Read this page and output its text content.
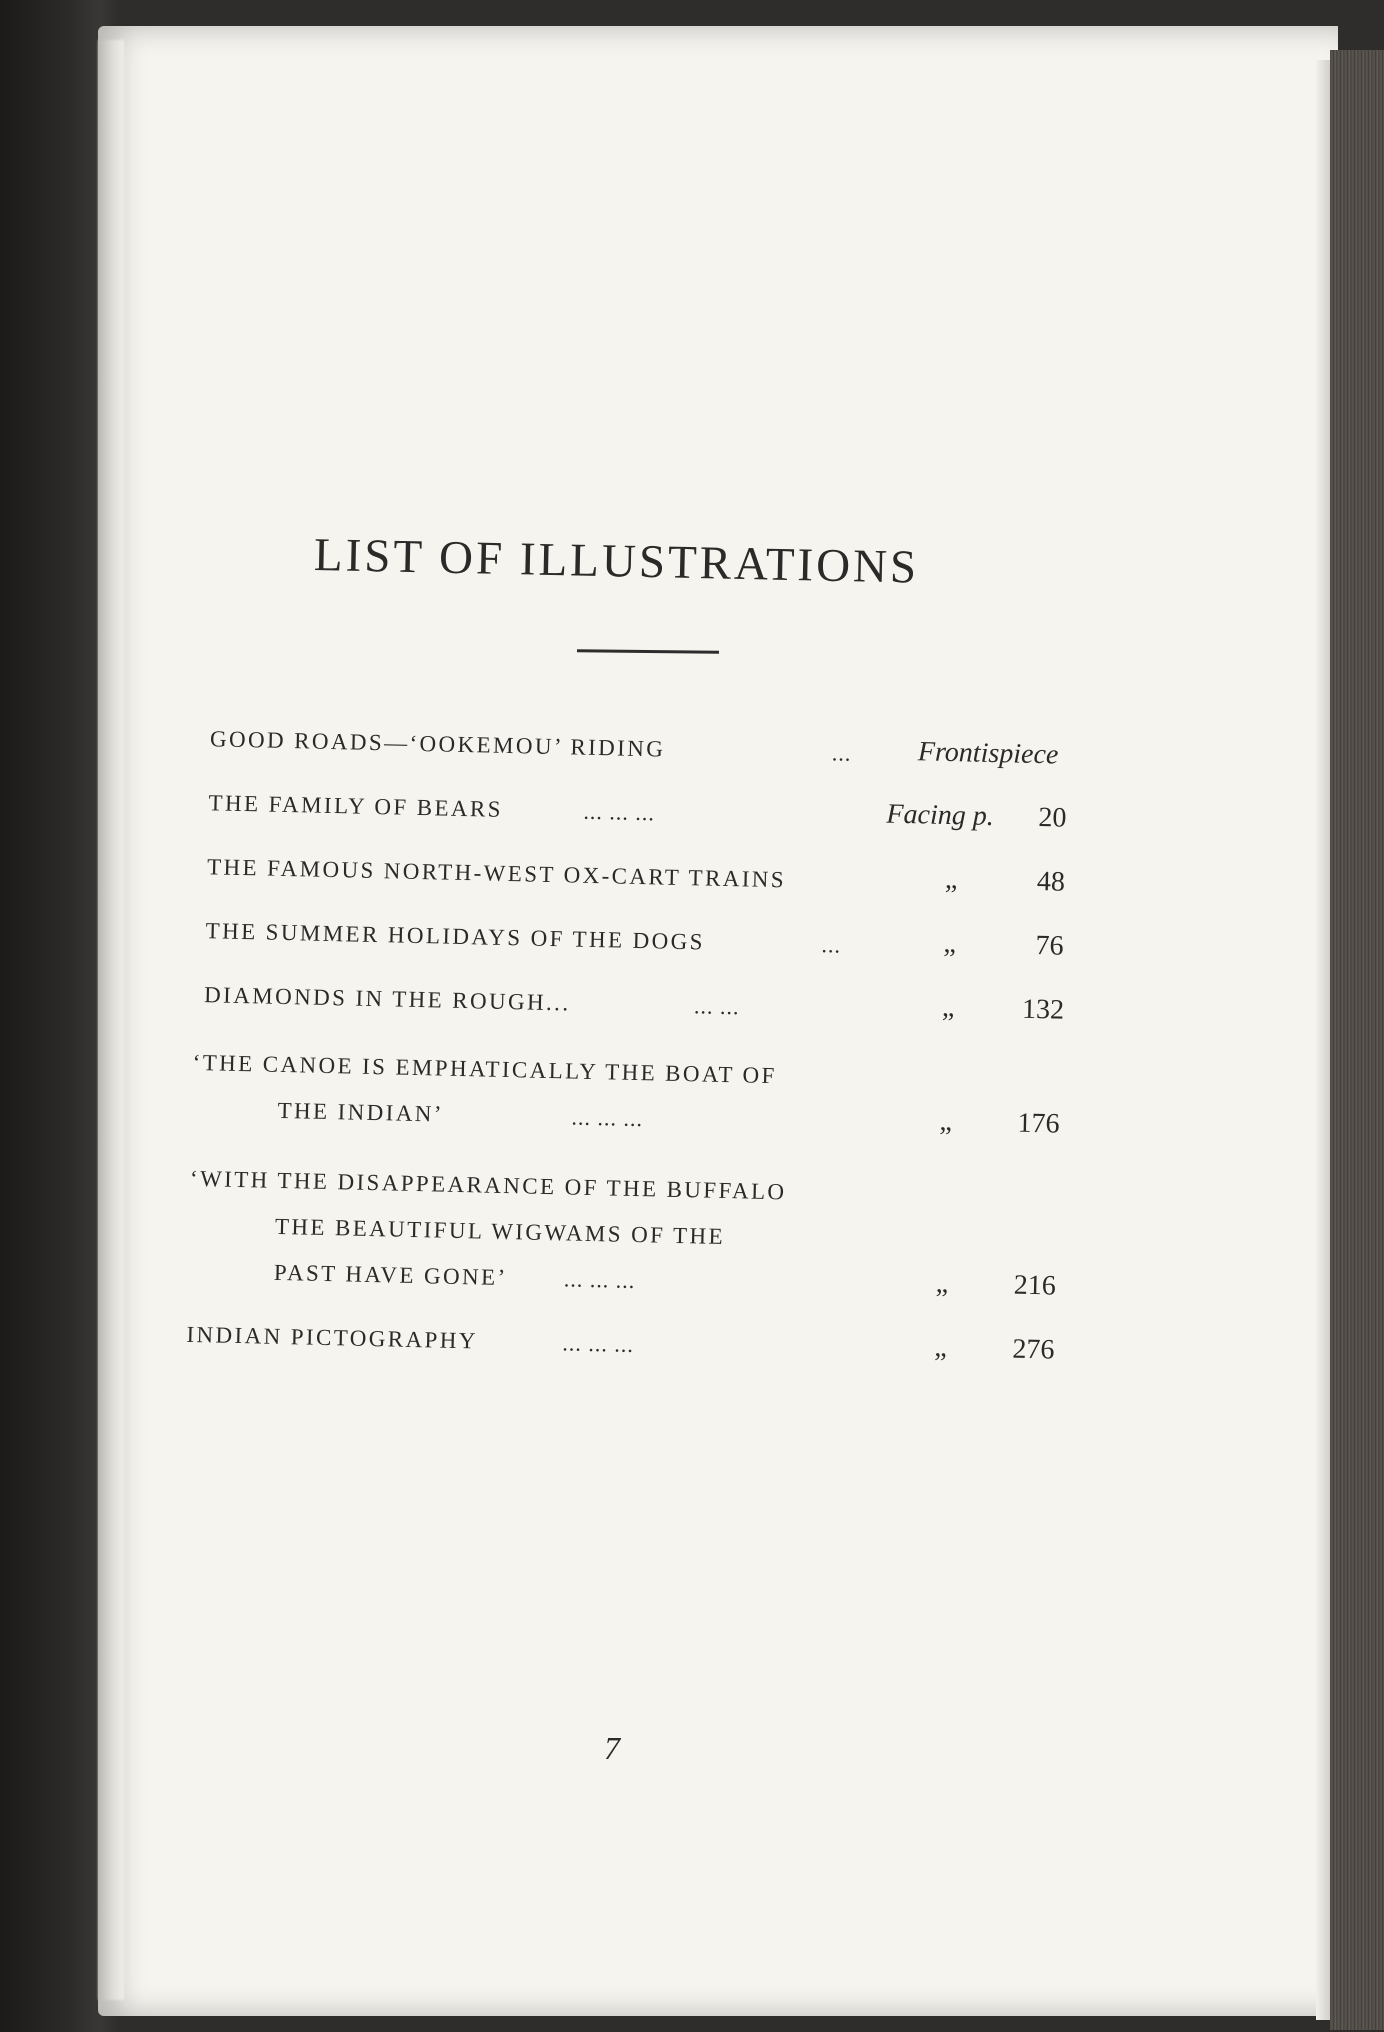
LIST OF ILLUSTRATIONS
GOOD ROADS—‘OOKEMOU’ RIDING	... Frontispiece
THE FAMILY OF BEARS	... ... ...	Facing p. 20
THE FAMOUS NORTH-WEST OX-CART TRAINS	„	48
THE SUMMER HOLIDAYS OF THE DOGS	...	„	76
DIAMONDS IN THE ROUGH...	... ...	„ 132
‘THE CANOE IS EMPHATICALLY THE BOAT OF
THE INDIAN’	... ... ...	„ 176
‘WITH THE DISAPPEARANCE OF THE BUFFALO
THE BEAUTIFUL WIGWAMS OF THE
PAST HAVE GONE’	... ... ...	„ 216
INDIAN PICTOGRAPHY	... ... ...	„ 276
7
